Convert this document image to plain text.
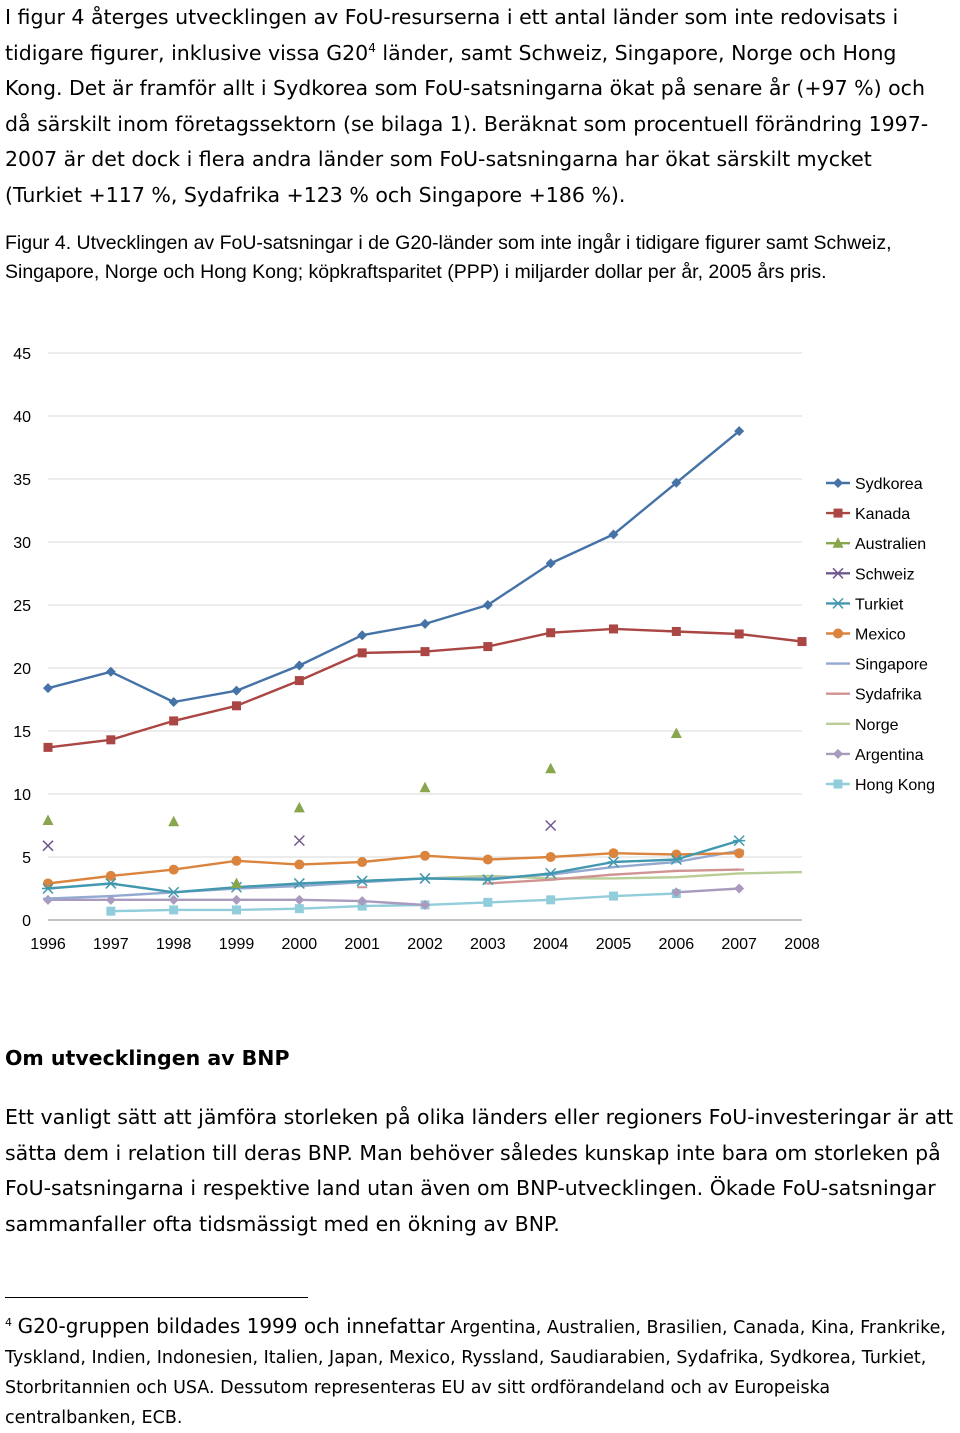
I figur 4 återges utvecklingen av FoU-resurserna i ett antal länder som inte redovisats i tidigare figurer, inklusive vissa $G20^4$ länder, samt Schweiz, Singapore, Norge och Hong Kong. Det är framför allt i Sydkorea som FoU-satsningarna ökat på senare år (+97 %) och då särskilt inom företagssektorn (se bilaga 1). Beräknat som procentuell förändring 1997-2007 är det dock i flera andra länder som FoU-satsningarna har ökat särskilt mycket (Turkiet +117 %, Sydafrika +123 % och Singapore +186 %).

Figur 4. Utvecklingen av FoU-satsningar i de G20-länder som inte ingår i tidigare figurer samt Schweiz, Singapore, Norge och Hong Kong; köpkraftsparitet (PPP) i miljarder dollar per år, 2005 års pris.

0
5
10
15
20
25
30
35
40
45
1996 1997 1998 1999 2000 2001 2002 2003 2004 2005 2006 2007 2008
Sydkorea
Kanada
Australien
Schweiz
Turkiet
Mexico
Singapore
Sydafrika
Norge
Argentina
Hong Kong

Om utvecklingen av BNP

Ett vanligt sätt att jämföra storleken på olika länders eller regioners FoU-investeringar är att sätta dem i relation till deras BNP. Man behöver således kunskap inte bara om storleken på FoU-satsningarna i respektive land utan även om BNP-utvecklingen. Ökade FoU-satsningar sammanfaller ofta tidsmässigt med en ökning av BNP.

$^4$ G20-gruppen bildades 1999 och innefattar Argentina, Australien, Brasilien, Canada, Kina, Frankrike, Tyskland, Indien, Indonesien, Italien, Japan, Mexico, Ryssland, Saudiarabien, Sydafrika, Sydkorea, Turkiet, Storbritannien och USA. Dessutom representeras EU av sitt ordförandeland och av Europeiska centralbanken, ECB.
